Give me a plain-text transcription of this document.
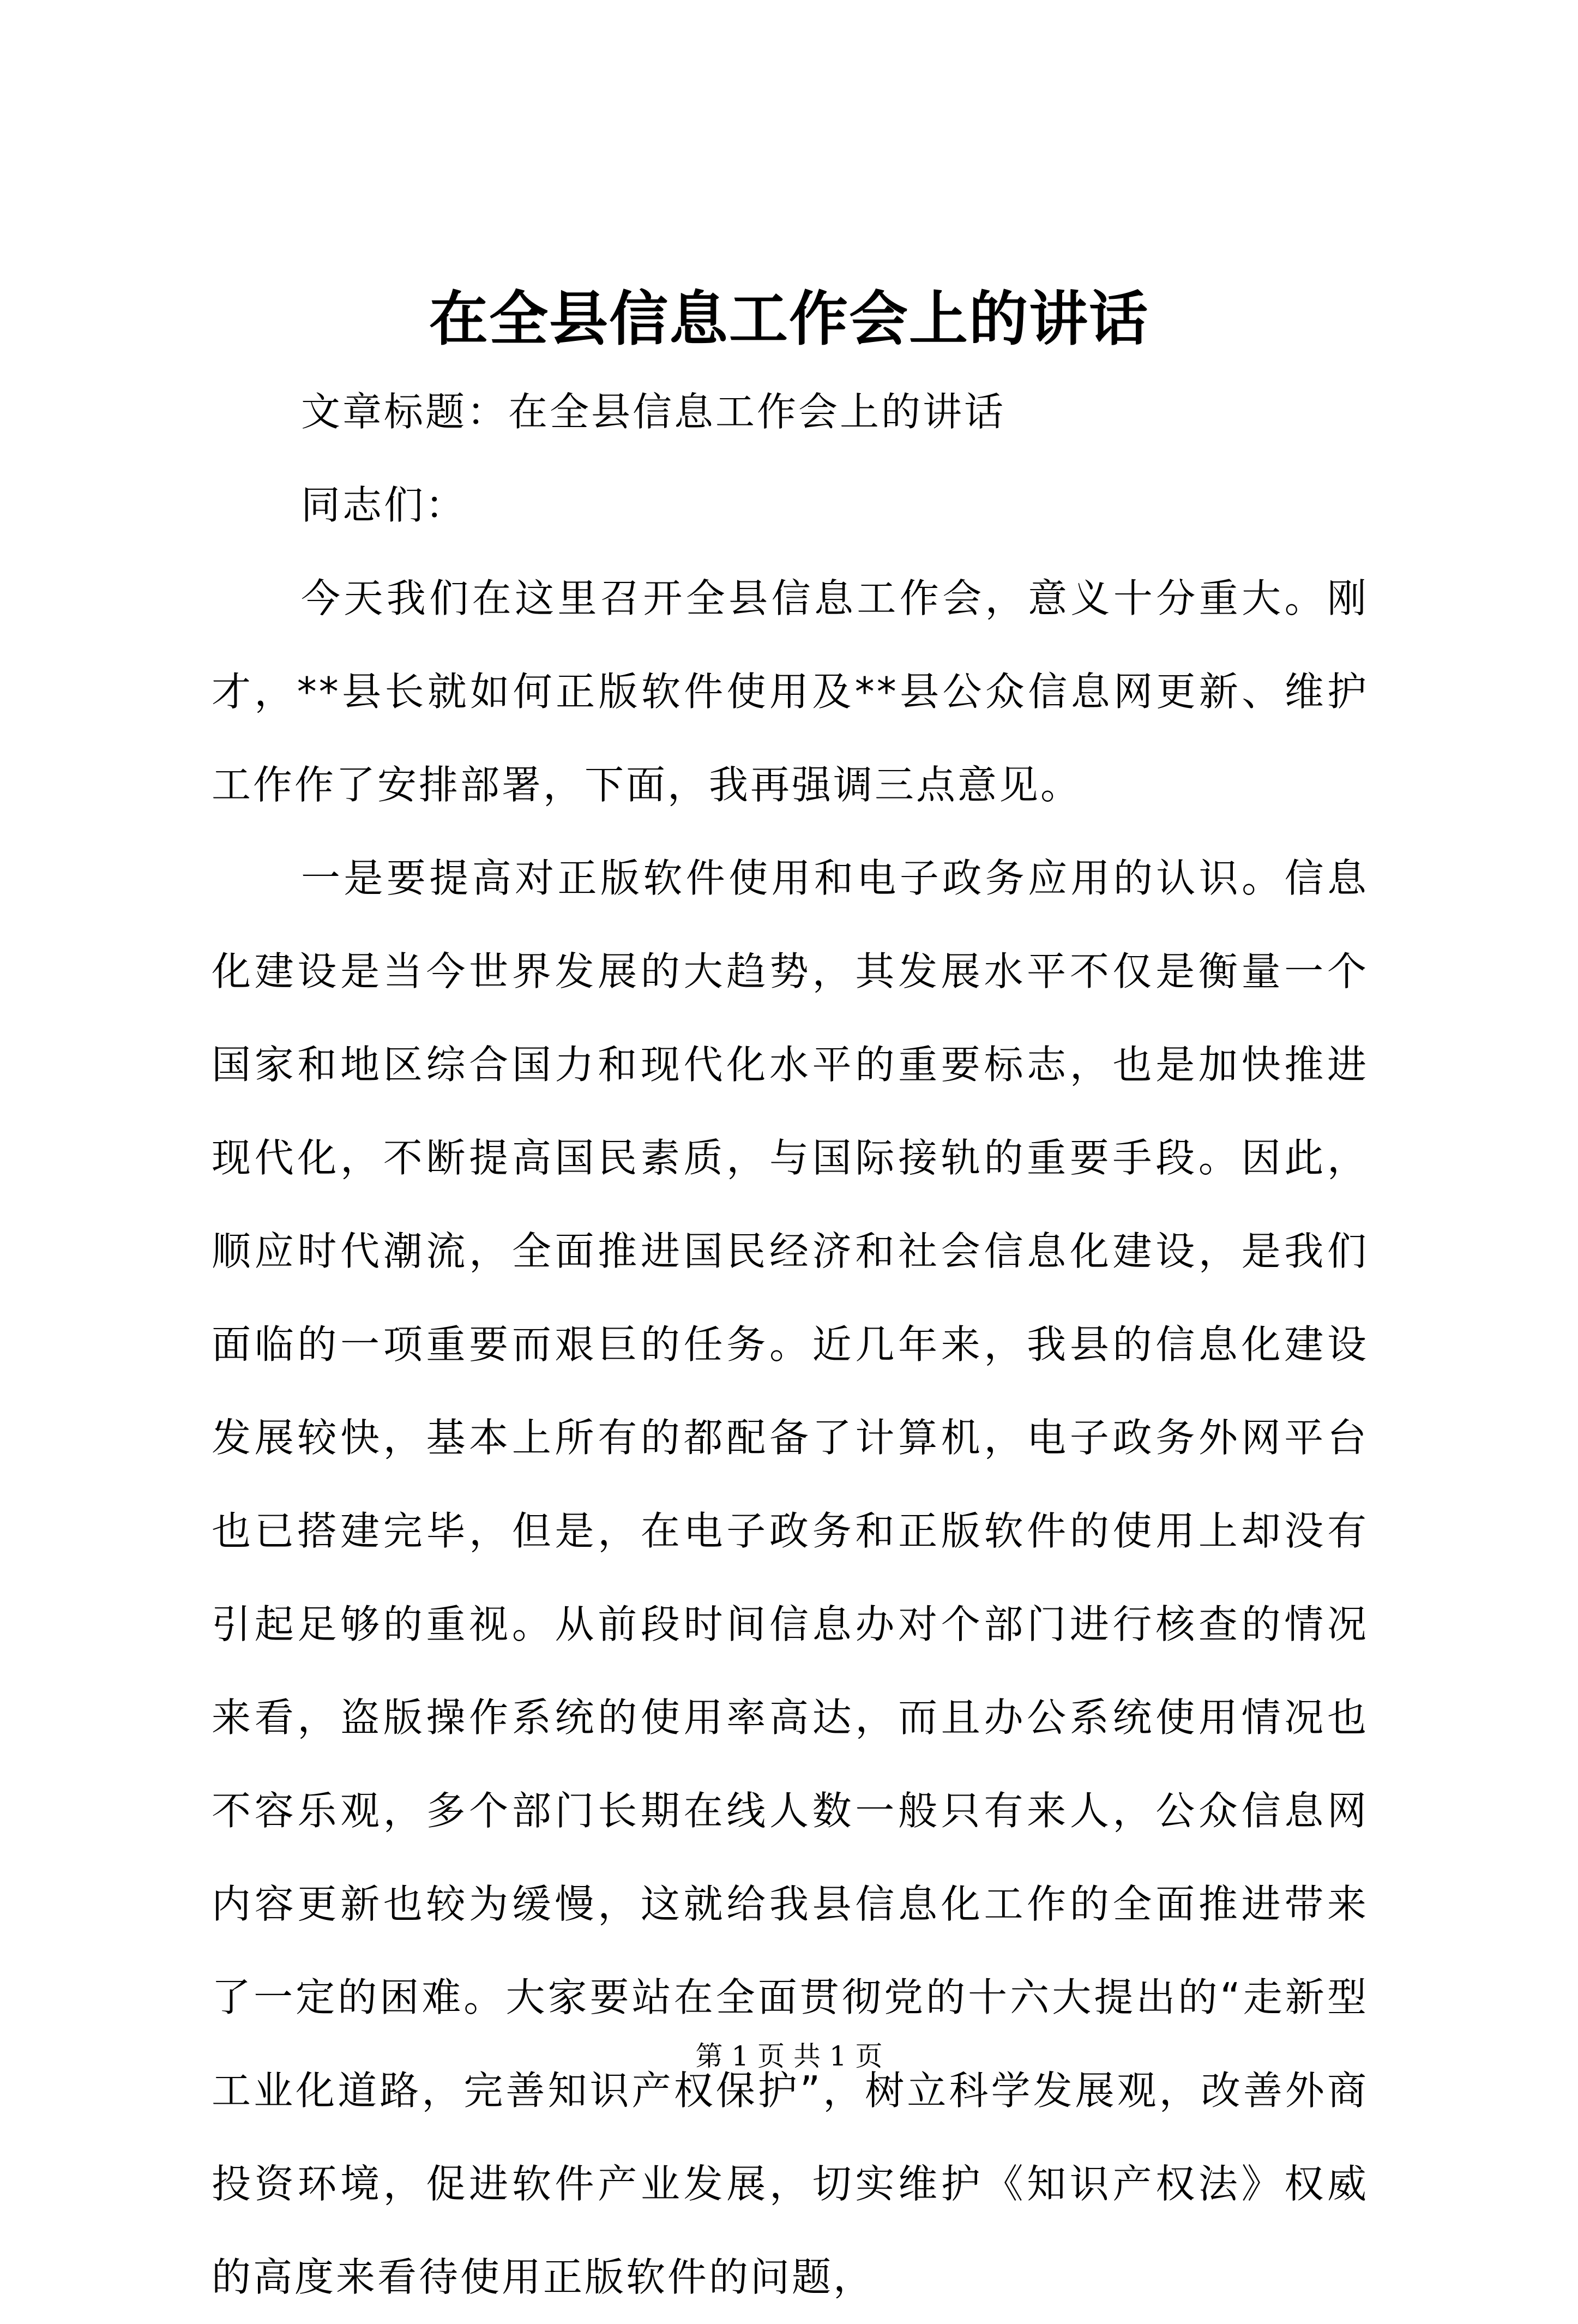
在全县信息工作会上的讲话

文章标题：在全县信息工作会上的讲话

同志们：

今天我们在这里召开全县信息工作会，意义十分重大。刚才，**县长就如何正版软件使用及**县公众信息网更新、维护工作作了安排部署，下面，我再强调三点意见。

一是要提高对正版软件使用和电子政务应用的认识。信息化建设是当今世界发展的大趋势，其发展水平不仅是衡量一个国家和地区综合国力和现代化水平的重要标志，也是加快推进现代化，不断提高国民素质，与国际接轨的重要手段。因此，顺应时代潮流，全面推进国民经济和社会信息化建设，是我们面临的一项重要而艰巨的任务。近几年来，我县的信息化建设发展较快，基本上所有的都配备了计算机，电子政务外网平台也已搭建完毕，但是，在电子政务和正版软件的使用上却没有引起足够的重视。从前段时间信息办对个部门进行核查的情况来看，盗版操作系统的使用率高达，而且办公系统使用情况也不容乐观，多个部门长期在线人数一般只有来人，公众信息网内容更新也较为缓慢，这就给我县信息化工作的全面推进带来了一定的困难。大家要站在全面贯彻党的十六大提出的“走新型工业化道路，完善知识产权保护”，树立科学发展观，改善外商投资环境，促进软件产业发展，切实维护《知识产权法》权威的高度来看待使用正版软件的问题，

第 1 页 共 1 页
